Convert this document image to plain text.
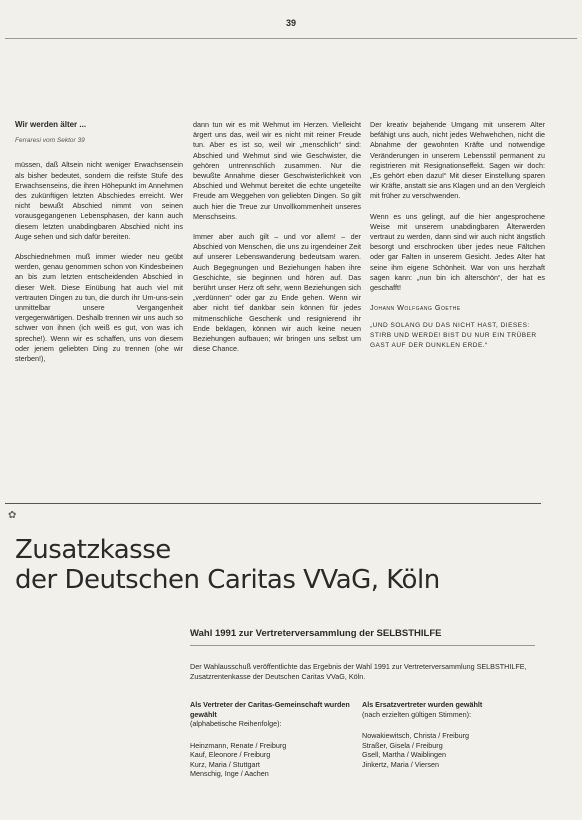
39
Wir werden älter ...
Ferraresi vom Sektor 39

müssen, daß Altsein nicht weniger Erwachsensein als bisher bedeutet, sondern die reifste Stufe des Erwachsenseins, die ihren Höhepunkt im Annehmen des zukünftigen letzten Abschiedes erreicht. Wer nicht bewußt Abschied nimmt von seinen vorausgegangenen Lebensphasen, der kann auch diesem letzten unabdingbaren Abschied nicht ins Auge sehen und sich dafür bereiten.

Abschiednehmen muß immer wieder neu geübt werden, genau genommen schon von Kindesbeinen an bis zum letzten entscheidenden Abschied in dieser Welt. Diese Einübung hat auch viel mit vertrauten Dingen zu tun, die durch ihr Um-uns-sein unmittelbar unsere Vergangenheit vergegenwärtigen. Deshalb trennen wir uns auch so schwer von ihnen (ich weiß es gut, von was ich spreche!). Wenn wir es schaffen, uns von diesem oder jenem geliebten Ding zu trennen (ohe wir sterben!),

dann tun wir es mit Wehmut im Herzen. Vielleicht ärgert uns das, weil wir es nicht mit reiner Freude tun. Aber es ist so, weil wir „menschlich“ sind: Abschied und Wehmut sind wie Geschwister, die gehören untrennschlich zusammen. Nur die bewußte Annahme dieser Geschwisterlichkeit von Abschied und Wehmut bereitet die echte ungeteilte Freude am Weggehen von geliebten Dingen. So gilt auch hier die Treue zur Unvollkommenheit unseres Menschseins.

Immer aber auch gilt – und vor allem! – der Abschied von Menschen, die uns zu irgendeiner Zeit auf unserer Lebenswanderung bedeutsam waren. Auch Begegnungen und Beziehungen haben ihre Geschichte, sie beginnen und hören auf. Das berührt unser Herz oft sehr, wenn Beziehungen sich „verdünnen“ oder gar zu Ende gehen. Wenn wir aber nicht tief dankbar sein können für jedes mitmenschliche Geschenk und resignierend ihr Ende beklagen, können wir auch keine neuen Beziehungen aufbauen; wir bringen uns selbst um diese Chance.

Der kreativ bejahende Umgang mit unserem Alter befähigt uns auch, nicht jedes Wehwehchen, nicht die Abnahme der gewohnten Kräfte und notwendige Veränderungen in unserem Lebensstil permanent zu registrieren mit Resignationseffekt. Sagen wir doch: „Es gehört eben dazu!“ Mit dieser Einstellung sparen wir Kräfte, anstatt sie ans Klagen und an den Vergleich mit früher zu verschwenden.

Wenn es uns gelingt, auf die hier angesprochene Weise mit unserem unabdingbaren Älterwerden vertraut zu werden, dann sind wir auch nicht ängstlich besorgt und erschrocken über jedes neue Fältchen oder gar Falten in unserem Gesicht. Jedes Alter hat seine ihm eigene Schönheit. War von uns herzhaft sagen kann: „nun bin ich älterschön“, der hat es geschafft!

Johann Wolfgang Goethe
„UND SOLANG DU DAS NICHT HAST, DIESES: STIRB UND WERDE! BIST DU NUR EIN TRÜBER GAST AUF DER DUNKLEN ERDE.“
✿
Zusatzkasse
der Deutschen Caritas VVaG, Köln
Wahl 1991 zur Vertreterversammlung der SELBSTHILFE
Der Wahlausschuß veröffentlichte das Ergebnis der Wahl 1991 zur Vertreterversammlung SELBSTHILFE, Zusatzrentenkasse der Deutschen Caritas VVaG, Köln.
Als Vertreter der Caritas-Gemeinschaft wurden gewählt
(alphabetische Reihenfolge):
Heinzmann, Renate / Freiburg
Kauf, Eleonore / Freiburg
Kurz, Maria / Stuttgart
Menschig, Inge / Aachen
Als Ersatzvertreter wurden gewählt
(nach erzielten gültigen Stimmen):
Nowakiewitsch, Christa / Freiburg
Straßer, Gisela / Freiburg
Gsell, Martha / Waiblingen
Jinkertz, Maria / Viersen
